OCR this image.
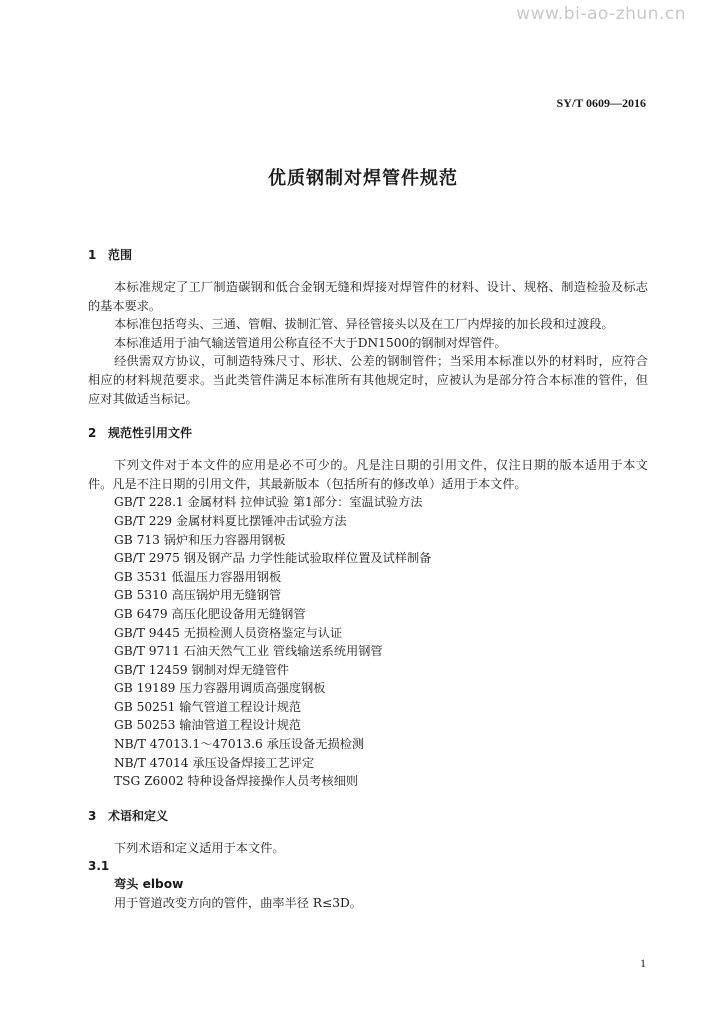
www.bi-ao-zhun.cn
SY/T 0609—2016
优质钢制对焊管件规范
1 范围

本标准规定了工厂制造碳钢和低合金钢无缝和焊接对焊管件的材料、设计、规格、制造检验及标志的基本要求。

本标准包括弯头、三通、管帽、拔制汇管、异径管接头以及在工厂内焊接的加长段和过渡段。

本标准适用于油气输送管道用公称直径不大于DN1500的钢制对焊管件。

经供需双方协议，可制造特殊尺寸、形状、公差的钢制管件；当采用本标准以外的材料时，应符合相应的材料规范要求。当此类管件满足本标准所有其他规定时，应被认为是部分符合本标准的管件，但应对其做适当标记。

2 规范性引用文件

下列文件对于本文件的应用是必不可少的。凡是注日期的引用文件，仅注日期的版本适用于本文件。凡是不注日期的引用文件，其最新版本（包括所有的修改单）适用于本文件。

GB/T 228.1 金属材料 拉伸试验 第1部分：室温试验方法

GB/T 229 金属材料夏比摆锤冲击试验方法

GB 713 锅炉和压力容器用钢板

GB/T 2975 钢及钢产品 力学性能试验取样位置及试样制备

GB 3531 低温压力容器用钢板

GB 5310 高压锅炉用无缝钢管

GB 6479 高压化肥设备用无缝钢管

GB/T 9445 无损检测人员资格鉴定与认证

GB/T 9711 石油天然气工业 管线输送系统用钢管

GB/T 12459 钢制对焊无缝管件

GB 19189 压力容器用调质高强度钢板

GB 50251 输气管道工程设计规范

GB 50253 输油管道工程设计规范

NB/T 47013.1～47013.6 承压设备无损检测

NB/T 47014 承压设备焊接工艺评定

TSG Z6002 特种设备焊接操作人员考核细则

3 术语和定义

下列术语和定义适用于本文件。

3.1

弯头 elbow

用于管道改变方向的管件，曲率半径 R≤3D。

1
